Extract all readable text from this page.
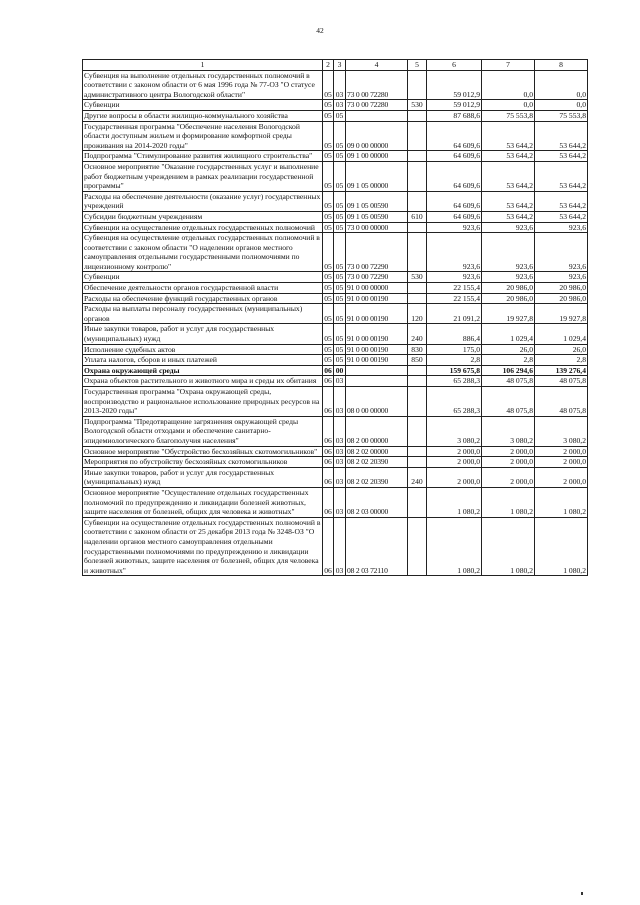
42
1	2	3	4	5	6	7	8
Субвенция на выполнение отдельных государственных полномочий в соответствии с законом области от 6 мая 1996 года № 77-ОЗ "О статусе административного центра Вологодской области"	05	03	73 0 00 72280		59 012,9	0,0	0,0
Субвенции	05	03	73 0 00 72280	530	59 012,9	0,0	0,0
Другие вопросы в области жилищно-коммунального хозяйства	05	05			87 688,6	75 553,8	75 553,8
Государственная программа "Обеспечение населения Вологодской области доступным жильем и формирование комфортной среды проживания на 2014-2020 годы"	05	05	09 0 00 00000		64 609,6	53 644,2	53 644,2
Подпрограмма "Стимулирование развития жилищного строительства"	05	05	09 1 00 00000		64 609,6	53 644,2	53 644,2
Основное мероприятие "Оказание государственных услуг и выполнение работ бюджетным учреждением в рамках реализации государственной программы"	05	05	09 1 05 00000		64 609,6	53 644,2	53 644,2
Расходы на обеспечение деятельности (оказание услуг) государственных учреждений	05	05	09 1 05 00590		64 609,6	53 644,2	53 644,2
Субсидии бюджетным учреждениям	05	05	09 1 05 00590	610	64 609,6	53 644,2	53 644,2
Субвенции на осуществление отдельных государственных полномочий	05	05	73 0 00 00000		923,6	923,6	923,6
Субвенция на осуществление отдельных государственных полномочий в соответствии с законом области "О наделении органов местного самоуправления отдельными государственными полномочиями по лицензионному контролю"	05	05	73 0 00 72290		923,6	923,6	923,6
Субвенции	05	05	73 0 00 72290	530	923,6	923,6	923,6
Обеспечение деятельности органов государственной власти	05	05	91 0 00 00000		22 155,4	20 986,0	20 986,0
Расходы на обеспечение функций государственных органов	05	05	91 0 00 00190		22 155,4	20 986,0	20 986,0
Расходы на выплаты персоналу государственных (муниципальных) органов	05	05	91 0 00 00190	120	21 091,2	19 927,8	19 927,8
Иные закупки товаров, работ и услуг для государственных (муниципальных) нужд	05	05	91 0 00 00190	240	886,4	1 029,4	1 029,4
Исполнение судебных актов	05	05	91 0 00 00190	830	175,0	26,0	26,0
Уплата налогов, сборов и иных платежей	05	05	91 0 00 00190	850	2,8	2,8	2,8
Охрана окружающей среды	06	00			159 675,8	106 294,6	139 276,4
Охрана объектов растительного и животного мира и среды их обитания	06	03			65 288,3	48 075,8	48 075,8
Государственная программа "Охрана окружающей среды, воспроизводство и рациональное использование природных ресурсов на 2013-2020 годы"	06	03	08 0 00 00000		65 288,3	48 075,8	48 075,8
Подпрограмма "Предотвращение загрязнения окружающей среды Вологодской области отходами и обеспечение санитарно-эпидемиологического благополучия населения"	06	03	08 2 00 00000		3 080,2	3 080,2	3 080,2
Основное мероприятие "Обустройство бесхозяйных скотомогильников"	06	03	08 2 02 00000		2 000,0	2 000,0	2 000,0
Мероприятия по обустройству бесхозяйных скотомогильников	06	03	08 2 02 20390		2 000,0	2 000,0	2 000,0
Иные закупки товаров, работ и услуг для государственных (муниципальных) нужд	06	03	08 2 02 20390	240	2 000,0	2 000,0	2 000,0
Основное мероприятие "Осуществление отдельных государственных полномочий по предупреждению и ликвидации болезней животных, защите населения от болезней, общих для человека и животных"	06	03	08 2 03 00000		1 080,2	1 080,2	1 080,2
Субвенции на осуществление отдельных государственных полномочий в соответствии с законом области от 25 декабря 2013 года № 3248-ОЗ "О наделении органов местного самоуправления отдельными государственными полномочиями по предупреждению и ликвидации болезней животных, защите населения от болезней, общих для человека и животных"	06	03	08 2 03 72110		1 080,2	1 080,2	1 080,2
